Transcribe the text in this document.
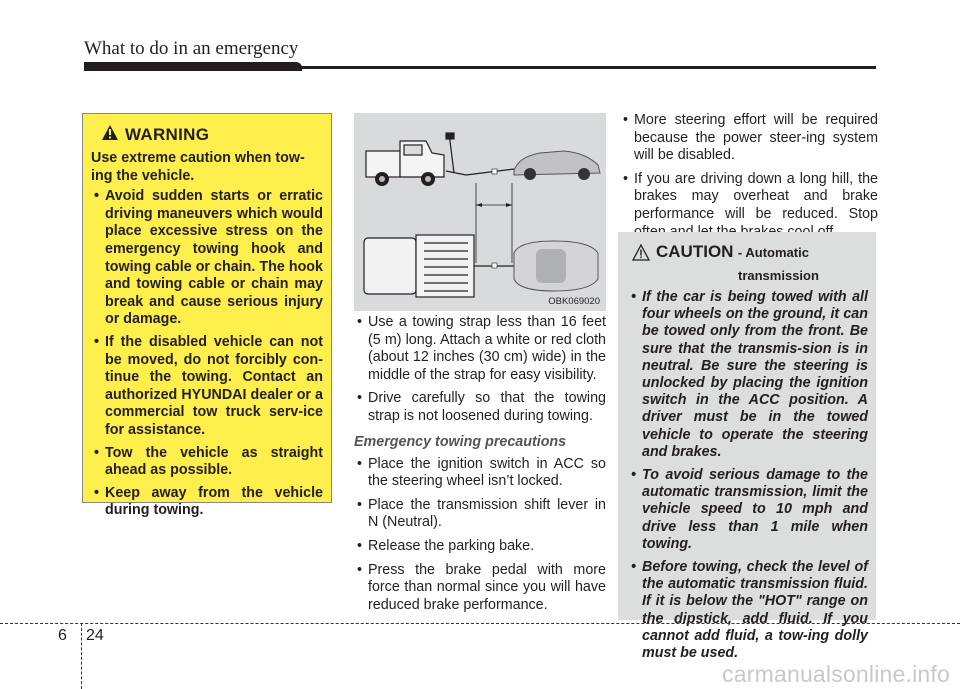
What to do in an emergency
WARNING
Use extreme caution when tow-ing the vehicle.
• Avoid sudden starts or erratic driving maneuvers which would place excessive stress on the emergency towing hook and towing cable or chain. The hook and towing cable or chain may break and cause serious injury or damage.
• If the disabled vehicle can not be moved, do not forcibly con-tinue the towing. Contact an authorized HYUNDAI dealer or a commercial tow truck serv-ice for assistance.
• Tow the vehicle as straight ahead as possible.
• Keep away from the vehicle during towing.
OBK069020
• Use a towing strap less than 16 feet (5 m) long. Attach a white or red cloth (about 12 inches (30 cm) wide) in the middle of the strap for easy visibility.
• Drive carefully so that the towing strap is not loosened during towing.
Emergency towing precautions
• Place the ignition switch in ACC so the steering wheel isn’t locked.
• Place the transmission shift lever in N (Neutral).
• Release the parking bake.
• Press the brake pedal with more force than normal since you will have reduced brake performance.
• More steering effort will be required because the power steer-ing system will be disabled.
• If you are driving down a long hill, the brakes may overheat and brake performance will be reduced. Stop
CAUTION - Automatic
transmission
• If the car is being towed with all four wheels on the ground, it can be towed only from the front. Be sure that the transmis-sion is in neutral. Be sure the steering is unlocked by placing the ignition switch in the ACC position. A driver must be in the towed vehicle to operate the steering and brakes.
• To avoid serious damage to the automatic transmission, limit the vehicle speed to 10 mph and drive less than 1 mile when towing.
• Before towing, check the level of the automatic transmission fluid. If it is below the "HOT" range on the dipstick, add fluid. If you cannot add fluid, a tow-ing dolly must be used.
6 24
carmanualsonline.info
